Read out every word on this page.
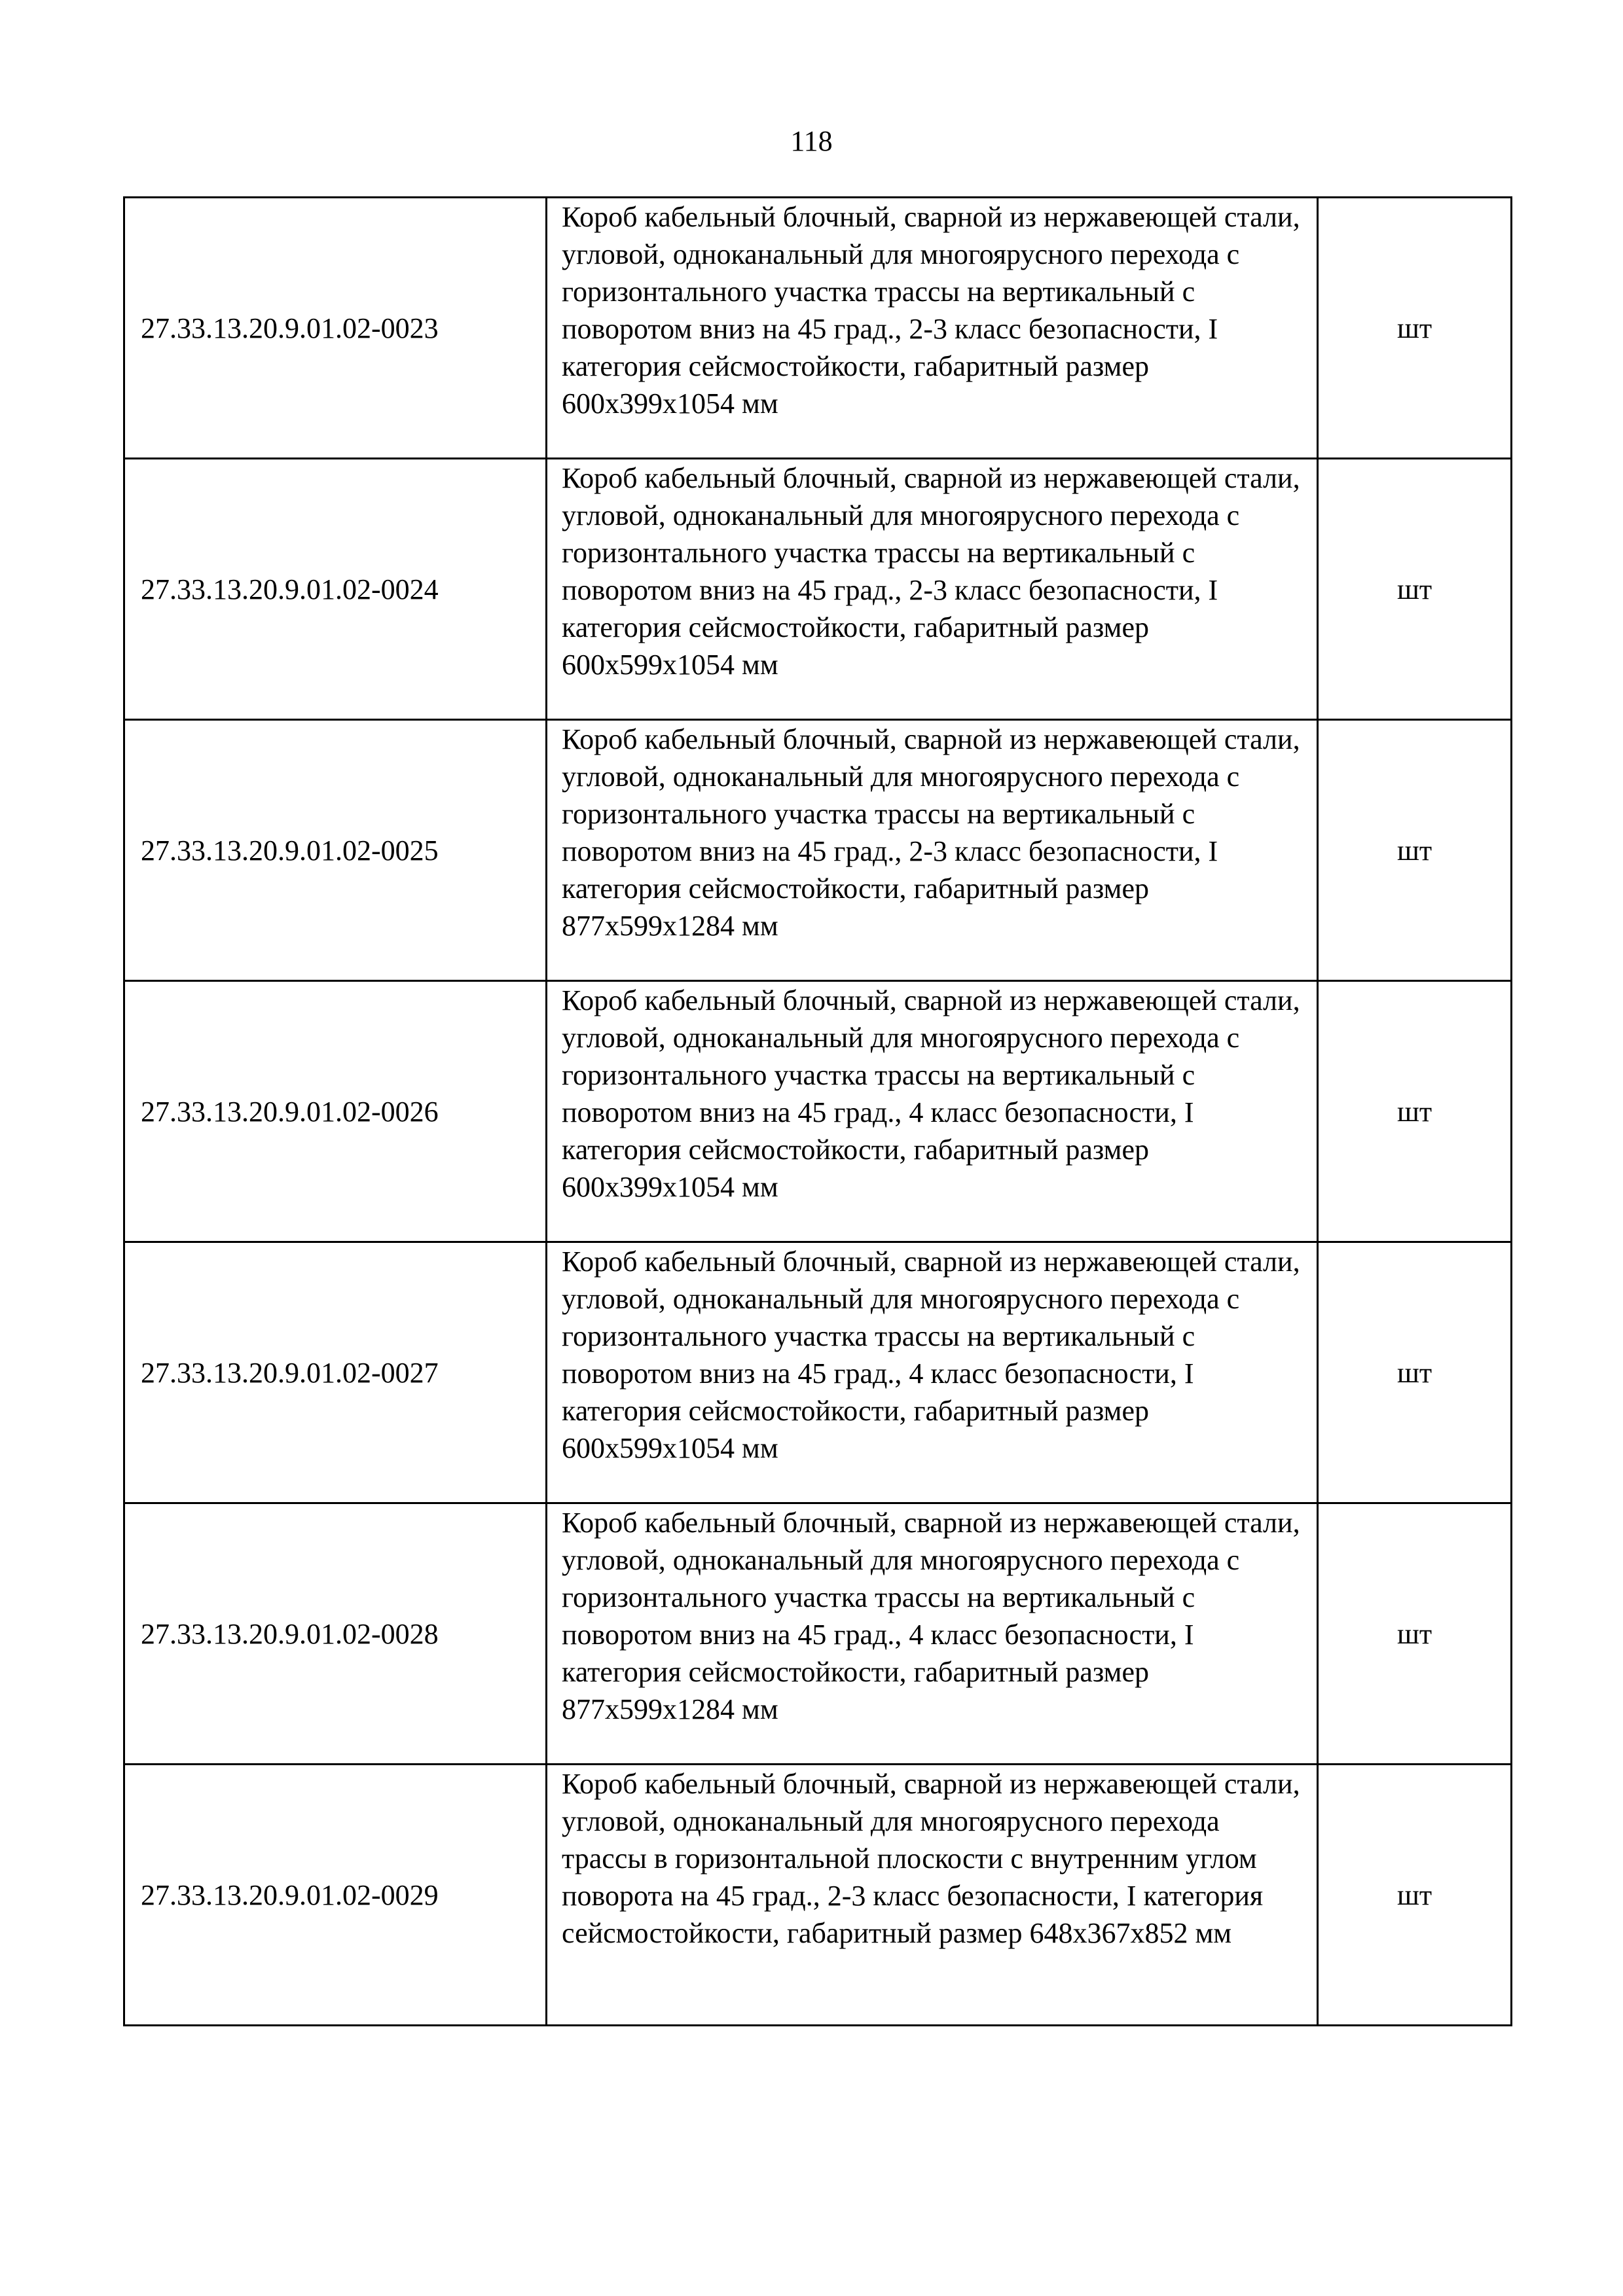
118
27.33.13.20.9.01.02-0023	Короб кабельный блочный, сварной из нержавеющей стали, угловой, одноканальный для многоярусного перехода с горизонтального участка трассы на вертикальный с поворотом вниз на 45 град., 2-3 класс безопасности, I категория сейсмостойкости, габаритный размер 600х399х1054 мм	шт
27.33.13.20.9.01.02-0024	Короб кабельный блочный, сварной из нержавеющей стали, угловой, одноканальный для многоярусного перехода с горизонтального участка трассы на вертикальный с поворотом вниз на 45 град., 2-3 класс безопасности, I категория сейсмостойкости, габаритный размер 600х599х1054 мм	шт
27.33.13.20.9.01.02-0025	Короб кабельный блочный, сварной из нержавеющей стали, угловой, одноканальный для многоярусного перехода с горизонтального участка трассы на вертикальный с поворотом вниз на 45 град., 2-3 класс безопасности, I категория сейсмостойкости, габаритный размер 877х599х1284 мм	шт
27.33.13.20.9.01.02-0026	Короб кабельный блочный, сварной из нержавеющей стали, угловой, одноканальный для многоярусного перехода с горизонтального участка трассы на вертикальный с поворотом вниз на 45 град., 4 класс безопасности, I категория сейсмостойкости, габаритный размер 600х399х1054 мм	шт
27.33.13.20.9.01.02-0027	Короб кабельный блочный, сварной из нержавеющей стали, угловой, одноканальный для многоярусного перехода с горизонтального участка трассы на вертикальный с поворотом вниз на 45 град., 4 класс безопасности, I категория сейсмостойкости, габаритный размер 600х599х1054 мм	шт
27.33.13.20.9.01.02-0028	Короб кабельный блочный, сварной из нержавеющей стали, угловой, одноканальный для многоярусного перехода с горизонтального участка трассы на вертикальный с поворотом вниз на 45 град., 4 класс безопасности, I категория сейсмостойкости, габаритный размер 877х599х1284 мм	шт
27.33.13.20.9.01.02-0029	Короб кабельный блочный, сварной из нержавеющей стали, угловой, одноканальный для многоярусного перехода трассы в горизонтальной плоскости с внутренним углом поворота на 45 град., 2-3 класс безопасности, I категория сейсмостойкости, габаритный размер 648х367х852 мм	шт
